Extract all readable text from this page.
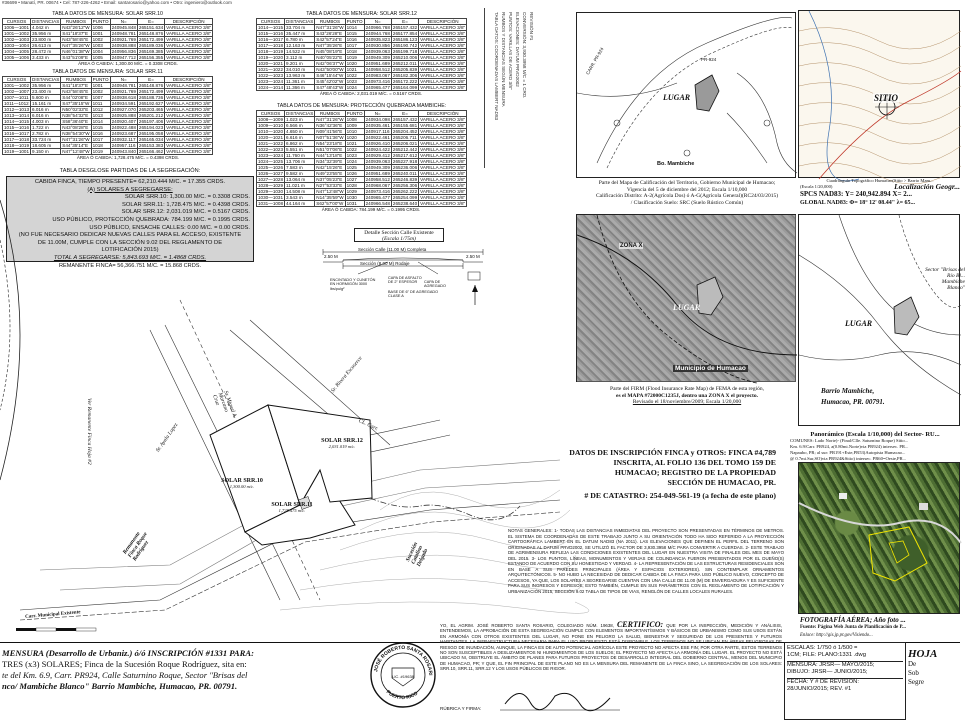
#36699 • Manatí, PR. 00674 • Cel: 787-226-4262 • Email: santarosario@yahoo.com • Otro: ingeniero@outlook.com
TABLA DATOS DE MENSURA: SOLAR SRR.10
CURSOS	DISTANCIAS	RUMBOS	PUNTO	N=	E=	DESCRIPCIÓN
1006—1001	4.042 m	N43°26'12"W	1006	240945.848	265151.634	VARILLA ACERO 3/8"
1001—1002	35.956 m	S41°18'37"E	1001	240948.781	265148.876	VARILLA ACERO 3/8"
1002—1003	23.800 m	N43°58'45"E	1002	240921.769	265172.499	VARILLA ACERO 3/8"
1003—1004	26.613 m	N47°35'26"W	1003	240938.888	265189.036	VARILLA ACERO 3/8"
1004—1005	28.472 m	N46°01'38"W	1004	240956.836	265169.385	VARILLA ACERO 3/8"
1005—1006	3.433 m	S43°51'09"E	1005	240947.712	265156.355	VARILLA ACERO 3/8"
ÁREA Ó CABIDA: 1,300.00 M/C. = 0.3308 CRDS.
TABLA DATOS DE MENSURA: SOLAR SRR.11
CURSOS	DISTANCIAS	RUMBOS	PUNTO	N=	E=	DESCRIPCIÓN
1001—1002	35.956 m	S41°18'37"E	1001	240948.781	265148.876	VARILLA ACERO 3/8"
1002—1007	23.400 m	N43°58'45"E	1002	240921.769	265172.499	VARILLA ACERO 3/8"
1007—1011	5.600 m	S44°02'08"E	1007	240938.618	265188.736	VARILLA ACERO 3/8"
1011—1012	15.161 m	S47°35'15"W	1011	240934.591	265192.627	VARILLA ACERO 3/8"
1012—1013	6.016 m	N50°02'33"E	1012	240927.070	265203.465	VARILLA ACERO 3/8"
1013—1014	6.016 m	N38°54'32"E	1013	240925.888	265201.212	VARILLA ACERO 3/8"
1014—1015	4.003 m	S58°36'40"E	1014	240920.407	265197.406	VARILLA ACERO 3/8"
1015—1016	1.722 m	N43°08'28"E	1015	240922.488	265194.023	VARILLA ACERO 3/8"
1016—1017	2.782 m	N38°54'30"W	1016	240923.687	265195.058	VARILLA ACERO 3/8"
1017—1018	33.724 m	N47°31'26"W	1017	240932.117	265165.034	VARILLA ACERO 3/8"
1018—1019	18.605 m	S44°35'14"E	1018	240957.116	265153.383	VARILLA ACERO 3/8"
1019—1001	9.150 m	N47°12'48"W	1019	240943.840	265166.462	VARILLA ACERO 3/8"
ÁREA Ó CABIDA: 1,728.475 M/C. = 0.4398 CRDS.
TABLA DATOS DE MENSURA: SOLAR SRR.12
CURSOS	DISTANCIAS	RUMBOS	PUNTO	N=	E=	DESCRIPCIÓN
1014—1015	33.704 m	N47°31'26"W	1014	240966.768	265157.432	VARILLA ACERO 3/8"
1015—1016	35.447 m	S43°26'28"E	1015	240944.768	265177.854	VARILLA ACERO 3/8"
1016—1017	6.780 m	S42°57'24"E	1016	240935.823	265186.123	VARILLA ACERO 3/8"
1017—1018	12.163 m	N47°35'26"E	1017	240930.856	265190.742	VARILLA ACERO 3/8"
1018—1019	14.522 m	N45°08'19"E	1018	240939.063	265199.718	VARILLA ACERO 3/8"
1019—1020	3.112 m	N40°05'22"E	1019	240949.309	265210.006	VARILLA ACERO 3/8"
1020—1021	9.201 m	N42°06'37"W	1020	240951.689	265212.011	VARILLA ACERO 3/8"
1021—1022	34.010 m	N43°50'00"W	1021	240958.512	265205.839	VARILLA ACERO 3/8"
1022—1023	13.963 m	S46°15'44"W	1022	240983.067	265182.306	VARILLA ACERO 3/8"
1023—1024	11.361 m	S45°42'02"W	1023	240973.416	265172.222	VARILLA ACERO 3/8"
1024—1014	11.366 m	S47°48'43"W	1024	240965.477	265164.099	VARILLA ACERO 3/8"
ÁREA Ó CABIDA: 2,031.019 M/C. = 0.5167 CRDS.
TABLA DATOS DE MENSURA: PROTECCIÓN QUEBRADA MAMBICHE:
CURSOS	DISTANCIAS	RUMBOS	PUNTO	N=	E=	DESCRIPCIÓN
1008—1009	1.023 m	N47°31'26"W	1008	240934.098	265157.432	VARILLA ACERO 3/8"
1009—1010	6.566 m	N36°42'36"E	1009	240935.461	265155.681	VARILLA ACERO 3/8"
1010—1020	4.650 m	N09°41'56"E	1010	240917.116	265204.452	VARILLA ACERO 3/8"
1020—1021	6.616 m	N07°51'36"W	1020	240922.461	265206.711	VARILLA ACERO 3/8"
1021—1022	6.862 m	N54°23'18"E	1021	240926.410	265206.021	VARILLA ACERO 3/8"
1022—1023	5.551 m	N51°07'06"E	1022	240924.422	265212.442	VARILLA ACERO 3/8"
1023—1024	11.760 m	N44°13'18"E	1023	240929.412	265217.612	VARILLA ACERO 3/8"
1024—1025	13.706 m	N34°32'39"E	1024	240939.063	265227.918	VARILLA ACERO 3/8"
1025—1026	7.583 m	N42°15'26"E	1025	240949.309	265236.006	VARILLA ACERO 3/8"
1026—1027	9.582 m	N49°23'55"E	1026	240951.689	265240.011	VARILLA ACERO 3/8"
1027—1028	13.064 m	N37°05'23"E	1027	240958.512	265246.839	VARILLA ACERO 3/8"
1028—1029	11.021 m	N27°53'33"E	1028	240968.067	265256.306	VARILLA ACERO 3/8"
1029—1030	14.508 m	N47°12'48"W	1029	240973.416	265262.222	VARILLA ACERO 3/8"
1030—1031	3.543 m	N14°35'59"W	1030	240965.477	265254.099	VARILLA ACERO 3/8"
1031—1008	44.164 m	S62°57'00"W	1031	240966.548	265238.640	VARILLA ACERO 3/8"
ÁREA Ó CABIDA: 784.199 M/C. = 0.1995 CRDS.
TABLA DESGLOSE PARTIDAS DE LA SEGREGACIÓN:
CABIDA FINCA, TIEMPO PRESENTE= 62,210.444 M/C. = 17.355 CRDS.
(A) SOLARES A SEGREGARSE:
SOLAR SRR.10: 1,300.00 M/C. = 0.3308 CRDS.
SOLAR SRR.11: 1,728.475 M/C. = 0.4398 CRDS.
SOLAR SRR.12: 2,031.019 M/C. = 0.5167 CRDS.
USO PÚBLICO, PROTECCIÓN QUEBRADA: 784.199 M/C. = 0.1995 CRDS.
USO PÚBLICO, ENSACHE CALLES: 0.00 M/C. = 0.00 CRDS.
(NO FUE NECESARIO DEDICAR NUEVAS CALLES PARA EL ACCESO, EXISTENTE
DE 11.00M, CUMPLE CON LA SECCIÓN 9.02 DEL REGLAMENTO DE
LOTIFICACIÓN 2015)
TOTAL A SEGREGARSE: 5,843.693 M/C. = 1.4868 CRDS.
REMANENTE FINCA= 56,366.751 M/C. = 15.868 CRDS.
TABLA DATOS: COORDENADAS LAMBERT NAD83 RUMBOS Y DISTANCIAS SEGÚN MENSURA PUNTOS: VARILLAS DE ACERO 3/8" ELEVACIONES: DATUM PRVD2002 CONVERSIÓN: 3,930.3958 M/C = 1 CRD. REVISIÓN #1
SOLAR SRR.12
2,031.019 m/c.
SOLAR SRR.10
1,300.00 m/c.
SOLAR SRR.11
1,728.475 m/c.
Sr. Ayala Lopez
Sr. Miguel A. Marcano Cruz
Sr. Rivera Escoserce
Remanente Finca Roque Rodríguez
Ver Remanente Finca Hoja #2	CL. Carr.
Sucesión Catalino Delgado
Carr. Municipal Existente
Detalle Sección Calle Existente
(Escala 1/75m)
Sección Calle (11.00 M) Completa
Sección (8.00 M) Rodaje
2.50 M	2.50 M
ENCINTADO Y CUNETÓN EN HORMIGÓN 3000 lbs/pulg²
CAPA DE ASFALTO DE 2" ESPESOR	CAPA DE AGREGADO
BASE DE 6" DE AGREGADO CLASE A
LUGAR
Bo. Mambiche
CARR. PR-924	PR-924
Parte del Mapa de Calificación del Territorio, Gobierno Municipal de Humacao;
Vigencia del 5 de diciembre del 2012; Escala 1/10,000
Calificación Distrito: A-2(Agrícola Dos) ó A-G(Agrícola General)(RC24/03/2015)
/ Clasificación Suelo: SRC (Suelo Rústico Común)
SITIO
Cuadrángulo Topográfico Humacao(Sitio > Barrio Mam...
(Escala 1/20,000)	Localización Geogr...
SPCS NAD83: Y= 240,942.894 X= 2...
GLOBAL NAD83: Φ= 18° 12' 08.44" λ= 65...
ZONA X
LUGAR
Municipio de Humacao
Parte del FIRM (Flood Insurance Rate Map) de FEMA de esta región,
es el MAPA #72000C1235J, dentro una ZONA X el proyecto.
Revisado el 18/noviembre/2009; Escala 1/20,000
Sector "Brisas del Río Bl... Mambiche Blanco"
LUGAR
Barrio Mambiche,
Humacao, PR. 00791.
DATOS DE INSCRIPCIÓN FINCA y OTROS: FINCA #4,789
INSCRITA, AL FOLIO 136 DEL TOMO 159 DE
HUMACAO; REGISTRO DE LA PROPIEDAD
SECCIÓN DE HUMACAO, PR.
# DE CATASTRO: 254-049-561-19 (a fecha de este plano)
NOTAS GENERALES: 1- TODAS LAS DISTANCIAS INMEDIATAS DEL PROYECTO SON PRESENTADAS EN TÉRMINOS DE METROS. EL SISTEMA DE COORDENADAS DE ESTE TRABAJO JUNTO A SU ORIENTACIÓN TODO HA SIDO REFERIDO A LA PROYECCIÓN CARTOGRÁFICA LAMBERT EN EL DATUM NAD83 (NA 2011). LAS ELEVACIONES QUE DEFINEN EL PERFIL DEL TERRENO SON ORIGINADAS AL DATUM PRVD2002, SE UTILIZÓ EL FACTOR DE 3,930.3958 M/C PARA CONVERTIR A CUERDAS. 2- ESTE TRABAJO DE AGRIMENSURA REFLEJA LAS CONDICIONES EXISTENTES DEL LUGAR EN NUESTRA VISITA DE FINALES DEL MES DE MAYO DEL 2015. 3- LOS PUNTOS, LÍNEAS, MONUMENTOS Y VERJAS DE COLINDANCIA FUERON PRESENTADOS POR EL DUEÑO(S) ESTANDO DE ACUERDO CON SU HONESTIDAD Y VERDAD. 4- LA REPRESENTACIÓN DE LAS ESTRUCTURAS RESIDENCIALES SON EN BASE A SUS PAREDES PRINCIPALES (ÁREA Y ESPACIOS EXTERIORES). SIN CONTEMPLAR ORNAMENTOS ARQUITECTÓNICOS. 5- NO HUBO LA NECESIDAD DE DEDICAR CABIDA DE LA FINCA PARA USO PÚBLICO NUEVO, CONCEPTO DE ACCESOS, YA QUE, LOS SOLARES A SEGREGARSE CUENTAN CON UNA CALLE DE 11.00 (M) DE ENVERGADURA Y ES SUFICIENTE PARA SUS INGRESOS Y EGRESOS; ESTO TAMBIÉN, CUMPLE EN SUS PARÁMETROS CON EL REGLAMENTO DE LOTIFICACIÓN Y URBANIZACIÓN 2015, SECCIÓN 9.02 TABLA DE TIPOS DE VIAS, RENGLÓN DE CALLES LOCALES RURALES.
Panorámico (Escala 1/10,000) del Sector- RU...
COMUNES: Lado Norte)- (Final/Clle. Saturnino Roque) Sitio...
Km. 6.9/Carr. PR924, a(0.80mi.Norte)via PR924) intersec. PR...
Napaubo, PR; al sur: PR191+Este,PR53)Autopista Humacao...
@ 0.7mi.Sur,SO)via PR924&Sitio) intersec. PR60=Oeste,PR...
FOTOGRAFÍA AÉREA; Año foto ...
Fuente: Página Web Junta de Planificación de P...
Enlace: http://gis.jp.pr.gov/Visiendo...
MENSURA (Desarrollo de Urbaniz.) ó/ó INSCRIPCIÓN #1331 PARA:
TRES (x3) SOLARES; Finca de la Sucesión Roque Rodríguez, sita en:
te del Km. 6.9, Carr. PR924, Calle Saturnino Roque, Sector "Brisas del
nco/ Mambiche Blanco" Barrio Mambiche, Humacao, PR. 00791.
JOSÉ ROBERTO SANTA ROSARI
PUERTO RICO
LIC. #19638
YO, EL AGRIM. JOSÉ ROBERTO SANTA ROSARIO, COLEGIADO NÚM. 19638, CERTIFICO: QUE POR LA INSPECCIÓN, MEDICIÓN Y ANÁLISIS, ENTENDEMOS, LA APROBACIÓN DE ESTA SEGREGACIÓN CUMPLE CON ELEMENTOS IMPORTANTÍSIMOS Y BÁSICOS DE URBANISMO COMO SUS USOS ESTÁN EN ARMONÍA CON OTROS EXISTENTES DEL LUGAR, NO PONE EN PELIGRO LA SALUD, BIENESTAR Y SEGURIDAD DE LOS PRESENTES Y FUTUROS HABITANTES. LA INFRAESTRUCTURA NECESARIA PARA EL USO PROPUESTO ESTÁ DISPONIBLE. LOS TERRENOS NO SE UBICAN EN ÁREAS PELIGROSAS DE RIESGO DE INUNDACIÓN, AUNQUE, LA FINCA ES DE AUTO POTENCIAL AGRÍCOLA ESTE PROYECTO NO AFECTA ESE FIN; POR OTRA PARTE, ESTOS TERRENOS NO SON SUSCEPTIBLES A DESLIZAMIENTOS NI HUNDIMIENTOS DE LOS SUELOS; EL PROYECTO NO AFECTA LA ARMONÍA DEL LUGAR. EL PROYECTO NO ESTÁ UBICADO NI, OBSTRUYE EL ÁMBITO DE PLANES PARA FUTUROS PROYECTOS DE DESARROLLO INTEGRAL DEL GOBIERNO CENTRAL, MENOS DEL MUNICIPIO DE HUMACAO, PR; Y QUE, EL FIN PRINCIPAL DE ESTE PLANO NO ES LA MENSURA DEL REMANENTE DE LA FINCA SINO, LA SEGREGACIÓN DE LOS SOLARES: SRR.10, SRR.11, SRR.12 Y LOS USOS PÚBLICOS DE RIGOR.
RÚBRICA Y FIRMA:
ESCALAS: 1/750 ó 1/500 =
1CM; FILE: PLANO:1331 .dwg
MENSURA: JRSR— MAYO/2015;
DIBUJO: JRSR— JUNIO/2015;
FECHA: Y # DE REVISIÓN:
28/JUNIO/2015; REV. #1
HOJA
De
Sob
Segre
